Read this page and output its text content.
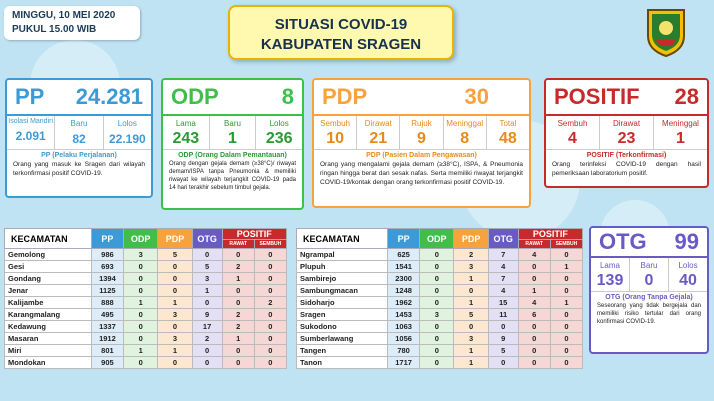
MINGGU, 10 MEI 2020
PUKUL 15.00 WIB	SITUASI COVID-19
KABUPATEN SRAGEN
PP 24.281
Isolasi Mandiri
2.091
Baru
82
Lolos
22.190
PP (Pelaku Perjalanan)
Orang yang masuk ke Sragen dari wilayah terkonfirmasi positif COVID-19.
ODP	8
Lama
243
Baru
1
Lolos
236
ODP (Orang Dalam Pemantauan)
Orang dengan gejala demam (≥38°C)/ riwayat demam/ISPA tanpa Pneumonia & memiliki riwayat ke wilayah terjangkit COVID-19 pada 14 hari terakhir sebelum timbul gejala.
PDP	30
Sembuh
10
Dirawat
21
Rujuk
9
Meninggal
8
Total
48
PDP (Pasien Dalam Pengawasan)
Orang yang mengalami gejala demam (≥38°C), ISPA, & Pneumonia ringan hingga berat dan sesak nafas. Serta memiliki riwayat terjangkit COVID-19/kontak dengan orang terkonfirmasi positif COVID-19.
POSITIF 28
Sembuh
4
Dirawat
23
Meninggal
1
POSITIF (Terkonfirmasi)
Orang terinfeksi COVID-19 dengan hasil pemeriksaan laboratorium positif.
KECAMATAN	PP	ODP	PDP	OTG	POSITIF	
					RAWAT	SEMBUH
Gemolong	986	3	5	0	0	0
Gesi	693	0	0	5	2	0
Gondang	1394	0	0	3	1	0
Jenar	1125	0	0	1	0	0
Kalijambe	888	1	1	0	0	2
Karangmalang	495	0	3	9	2	0
Kedawung	1337	0	0	17	2	0
Masaran	1912	0	3	2	1	0
Miri	801	1	1	0	0	0
Mondokan	905	0	0	0	0	0
KECAMATAN	PP	ODP	PDP	OTG	POSITIF	
					RAWAT	SEMBUH
Ngrampal	625	0	2	7	4	0
Plupuh	1541	0	3	4	0	1
Sambirejo	2300	0	1	7	0	0
Sambungmacan	1248	0	0	4	1	0
Sidoharjo	1962	0	1	15	4	1
Sragen	1453	3	5	11	6	0
Sukodono	1063	0	0	0	0	0
Sumberlawang	1056	0	3	9	0	0
Tangen	780	0	1	5	0	0
Tanon	1717	0	1	0	0	0
OTG 99
Lama
139
Baru
0
Lolos
40
OTG (Orang Tanpa Gejala)
Seseorang yang tidak bergejala dan memiliki risiko tertular dari orang konfirmasi COVID-19.
